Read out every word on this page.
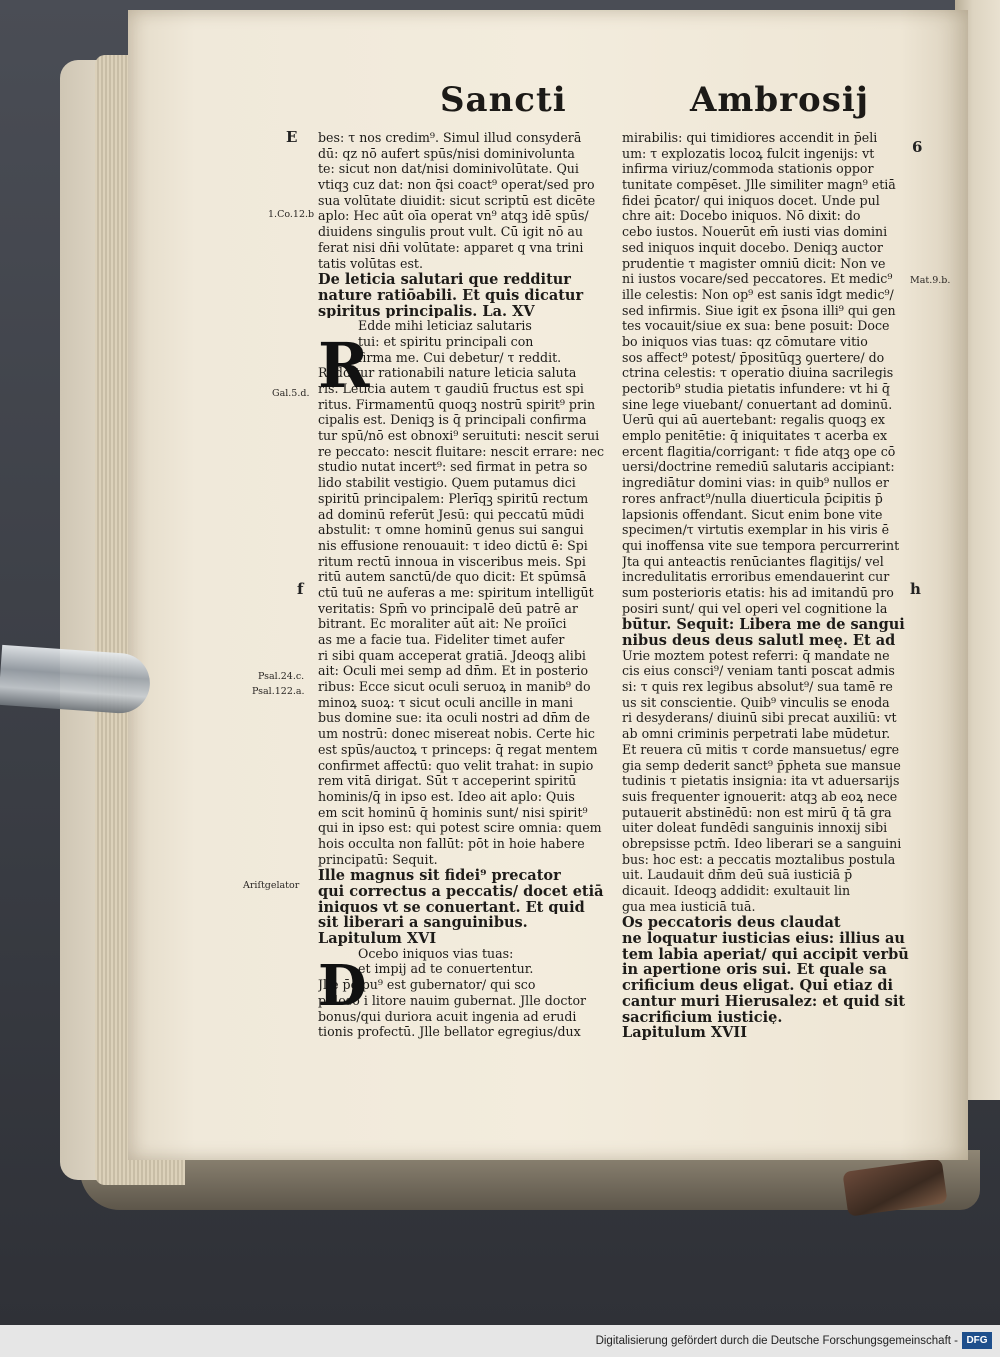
Sancti	Ambrosij
bes: τ nos credim⁹. Simul illud consyderā
dū: qz nō aufert spūs/nisi dominivolunta
te: sicut non dat/nisi dominivolūtate. Qui
vtiqꝫ cuz dat: non q̄si coact⁹ operat/sed pro
sua volūtate diuidit: sicut scriptū est dicēte
aplo: Hec aūt oīa operat vn⁹ atqꝫ idē spūs/
diuidens singulis prout vult. Cū igit nō au
ferat nisi dn̄i volūtate: apparet q vna trini
tatis volūtas est.
De leticia salutari que redditur
nature ratiōabili. Et quis dicatur
spiritus principalis. La. XV
Edde mihi leticiaz salutaris
tui: et spiritu principali con
firma me. Cui debetur/ τ reddit.
Redditur rationabili nature leticia saluta
ris. Leticia autem τ gaudiū fructus est spi
ritus. Firmamentū quoqꝫ nostrū spirit⁹ prin
cipalis est. Deniqꝫ is q̄ principali confirma
tur spū/nō est obnoxi⁹ seruituti: nescit serui
re peccato: nescit fluitare: nescit errare: nec
studio nutat incert⁹: sed firmat in petra so
lido stabilit vestigio. Quem putamus dici
spiritū principalem: Plerīqꝫ spiritū rectum
ad dominū referūt Jesū: qui peccatū mūdi
abstulit: τ omne hominū genus sui sangui
nis effusione renouauit: τ ideo dictū ē: Spi
ritum rectū innoua in visceribus meis. Spi
ritū autem sanctū/de quo dicit: Et spūmsā
ctū tuū ne auferas a me: spiritum intelligūt
veritatis: Spm̄ vo principalē deū patrē ar
bitrant. Ec moraliter aūt ait: Ne proiīci
as me a facie tua. Fideliter timet aufer
ri sibi quam acceperat gratiā. Jdeoqꝫ alibi
ait: Oculi mei semp ad dn̄m. Et in posterio
ribus: Ecce sicut oculi seruoꝝ in manib⁹ do
minoꝝ suoꝝ: τ sicut oculi ancille in mani
bus domine sue: ita oculi nostri ad dn̄m de
um nostrū: donec misereat nobis. Certe hic
est spūs/auctoꝝ τ princeps: q̄ regat mentem
confirmet affectū: quo velit trahat: in supio
rem vitā dirigat. Sūt τ acceperint spiritū
hominis/q̄ in ipso est. Ideo ait aplo: Quis
em scit hominū q̄ hominis sunt/ nisi spirit⁹
qui in ipso est: qui potest scire omnia: quem
hois occulta non fallūt: pōt in hoie habere
principatū: Sequit.
Ille magnus sit fidei⁹ precator
qui correctus a peccatis/ docet etiā
iniquos vt se conuertant. Et quid
sit liberari a sanguinibus.
Lapitulum XVI
Ocebo iniquos vias tuas:
et impij ad te conuertentur.
Jlle p̄cipu⁹ est gubernator/ qui sco
puloso i litore nauim gubernat. Jlle doctor
bonus/qui duriora acuit ingenia ad erudi
tionis profectū. Jlle bellator egregius/dux
mirabilis: qui timidiores accendit in p̄eli
um: τ explozatis locoꝝ fulcit ingenijs: vt
infirma viriuz/commoda stationis oppor
tunitate compēset. Jlle similiter magn⁹ etiā
fidei p̄cator/ qui iniquos docet. Unde pul
chre ait: Docebo iniquos. Nō dixit: do
cebo iustos. Nouerūt em̄ iusti vias domini
sed iniquos inquit docebo. Deniqꝫ auctor
prudentie τ magister omniū dicit: Non ve
ni iustos vocare/sed peccatores. Et medic⁹
ille celestis: Non op⁹ est sanis īdgt medic⁹/
sed infirmis. Siue igit ex p̄sona illi⁹ qui gen
tes vocauit/siue ex sua: bene posuit: Doce
bo iniquos vias tuas: qz cōmutare vitio
sos affect⁹ potest/ p̄positūqꝫ ꝯuertere/ do
ctrina celestis: τ operatio diuina sacrilegis
pectorib⁹ studia pietatis infundere: vt hi q̄
sine lege viuebant/ conuertant ad dominū.
Uerū qui aū auertebant: regalis quoqꝫ ex
emplo penitētie: q̄ iniquitates τ acerba ex
ercent flagitia/corrigant: τ fide atqꝫ ope cō
uersi/doctrine remediū salutaris accipiant:
ingrediātur domini vias: in quib⁹ nullos er
rores anfract⁹/nulla diuerticula p̄cipitis p̄
lapsionis offendant. Sicut enim bone vite
specimen/τ virtutis exemplar in his viris ē
qui inoffensa vite sue tempora percurrerint
Jta qui anteactis renūciantes flagitijs/ vel
incredulitatis erroribus emendauerint cur
sum posterioris etatis: his ad imitandū pro
posiri sunt/ qui vel operi vel cognitione la
būtur. Sequit: Libera me de sangui
nibus deus deus salutl meę. Et ad
Urie moztem potest referri: q̄ mandate ne
cis eius consci⁹/ veniam tanti poscat admis
si: τ quis rex legibus absolut⁹/ sua tamē re
us sit conscientie. Quib⁹ vinculis se enoda
ri desyderans/ diuinū sibi precat auxiliū: vt
ab omni criminis perpetrati labe mūdetur.
Et reuera cū mitis τ corde mansuetus/ egre
gia semp dederit sanct⁹ p̄pheta sue mansue
tudinis τ pietatis insignia: ita vt aduersarijs
suis frequenter ignouerit: atqꝫ ab eoꝝ nece
putauerit abstinēdū: non est mirū q̄ tā gra
uiter doleat fundēdi sanguinis innoxij sibi
obrepsisse pctm̄. Ideo liberari se a sanguini
bus: hoc est: a peccatis moztalibus postula
uit. Laudauit dn̄m deū suā iusticiā p̄
dicauit. Ideoqꝫ addidit: exultauit lin
gua mea iusticiā tuā.
Os peccatoris deus claudat
ne loquatur iusticias eius: illius au
tem labia aperiat/ qui accipit verbū
in apertione oris sui. Et quale sa
crificium deus eligat. Qui etiaz di
cantur muri Hierusalez: et quid sit
sacrificium iusticię.
Lapitulum XVII
R
D
E
1.Co.12.b
Gal.5.d.
f
Psal.24.c.
Psal.122.a.
Ariſtgelator
6
Mat.9.b.
h
Digitalisierung gefördert durch die Deutsche Forschungsgemeinschaft - DFG
